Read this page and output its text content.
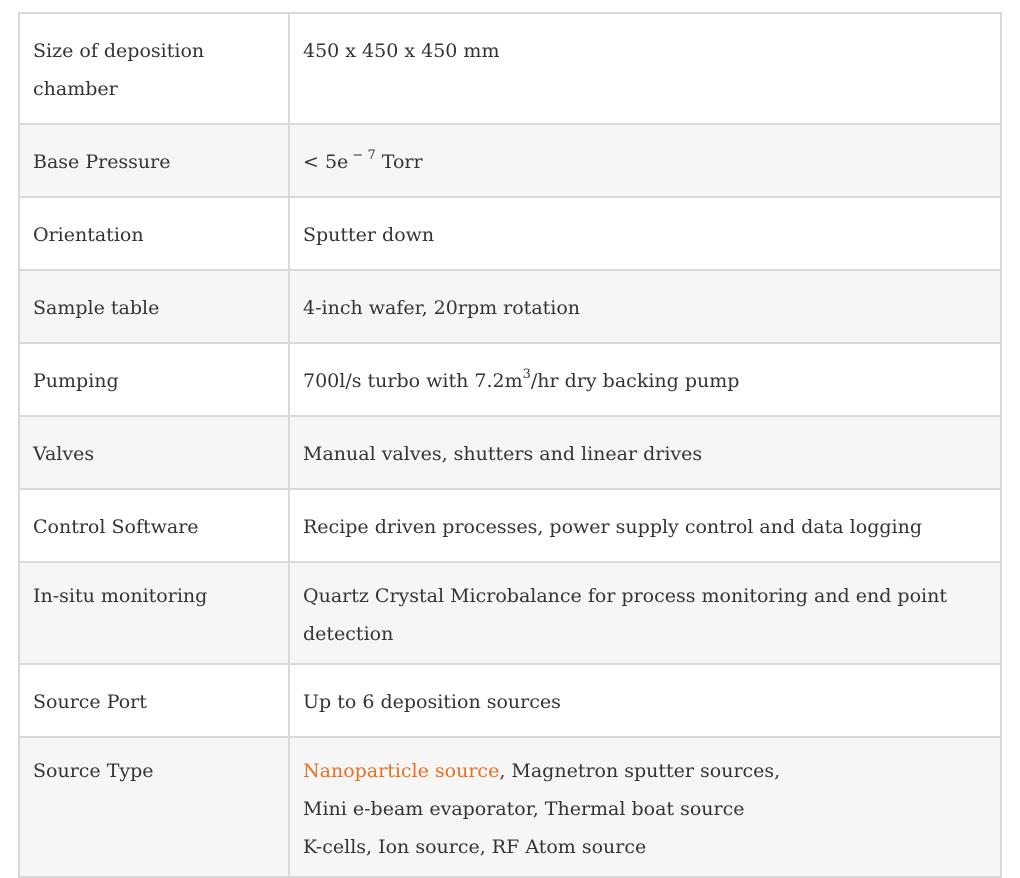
Size of deposition chamber	450 x 450 x 450 mm
Base Pressure	< 5e $^{- 7}$ Torr
Orientation	Sputter down
Sample table	4-inch wafer, 20rpm rotation
Pumping	700l/s turbo with $7.2m^3/hr$ dry backing pump
Valves	Manual valves, shutters and linear drives
Control Software	Recipe driven processes, power supply control and data logging
In-situ monitoring	Quartz Crystal Microbalance for process monitoring and end point detection
Source Port	Up to 6 deposition sources
Source Type	Nanoparticle source, Magnetron sputter sources,
Mini e-beam evaporator, Thermal boat source
K-cells, Ion source, RF Atom source
